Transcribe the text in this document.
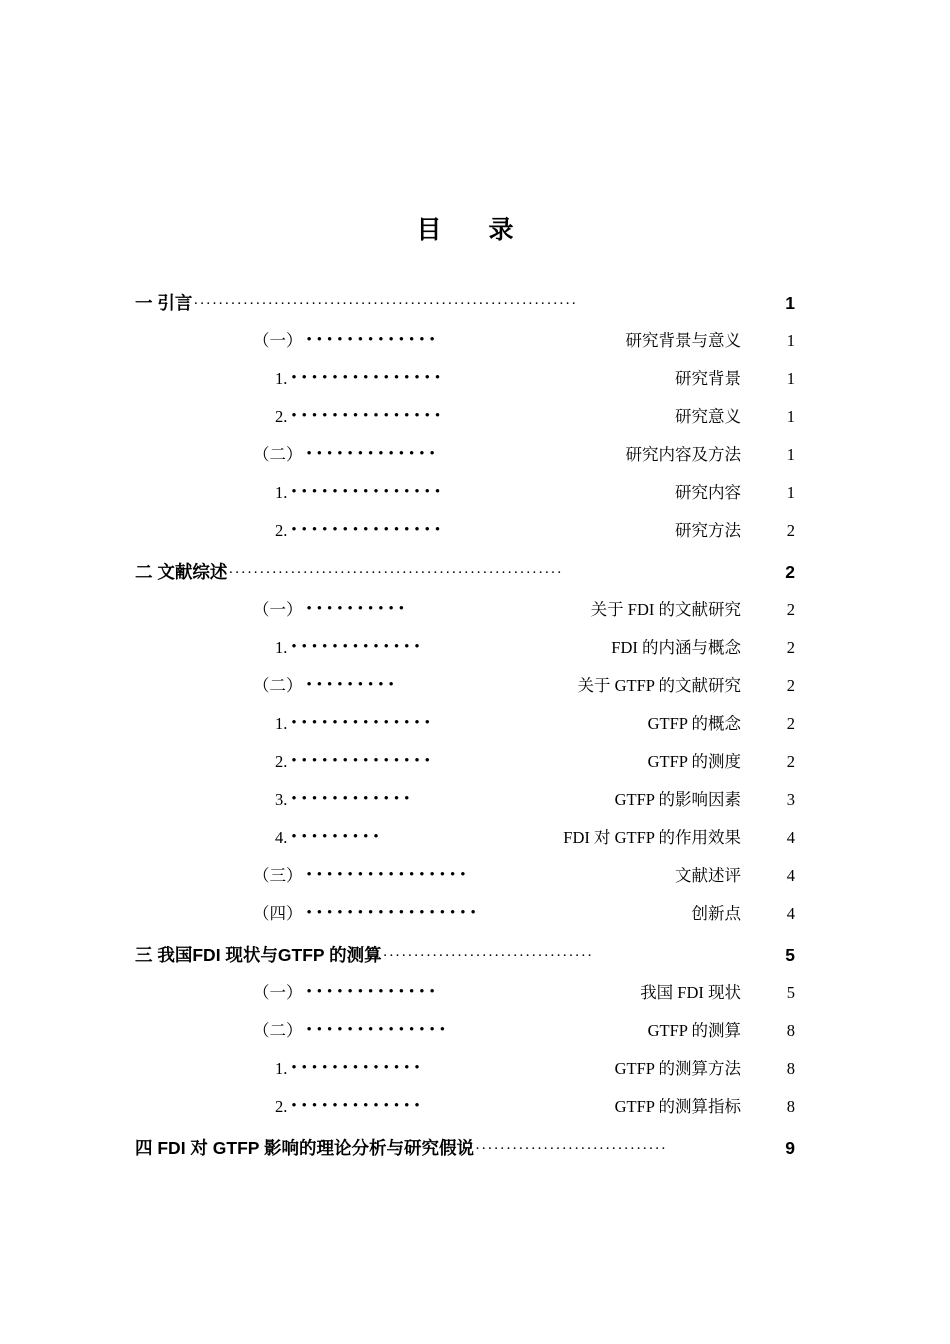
目 录
一 引言 ······························································	1
（一） •••••••••••••	研究背景与意义	1
1. •••••••••••••••	研究背景	1
2. •••••••••••••••	研究意义	1
（二） •••••••••••••	研究内容及方法	1
1. •••••••••••••••	研究内容	1
2. •••••••••••••••	研究方法	2
二 文献综述 ······················································	2
（一） ••••••••••	关于 FDI 的文献研究	2
1. •••••••••••••	FDI 的内涵与概念	2
（二） •••••••••	关于 GTFP 的文献研究	2
1. ••••••••••••••	GTFP 的概念	2
2. ••••••••••••••	GTFP 的测度	2
3. ••••••••••••	GTFP 的影响因素	3
4. •••••••••	FDI 对 GTFP 的作用效果	4
（三） ••••••••••••••••	文献述评	4
（四） •••••••••••••••••	创新点	4
三 我国FDI 现状与GTFP 的测算 ··································	5
（一） •••••••••••••	我国 FDI 现状	5
（二） ••••••••••••••	GTFP 的测算	8
1. •••••••••••••	GTFP 的测算方法	8
2. •••••••••••••	GTFP 的测算指标	8
四 FDI 对 GTFP 影响的理论分析与研究假说 ·······························	9
